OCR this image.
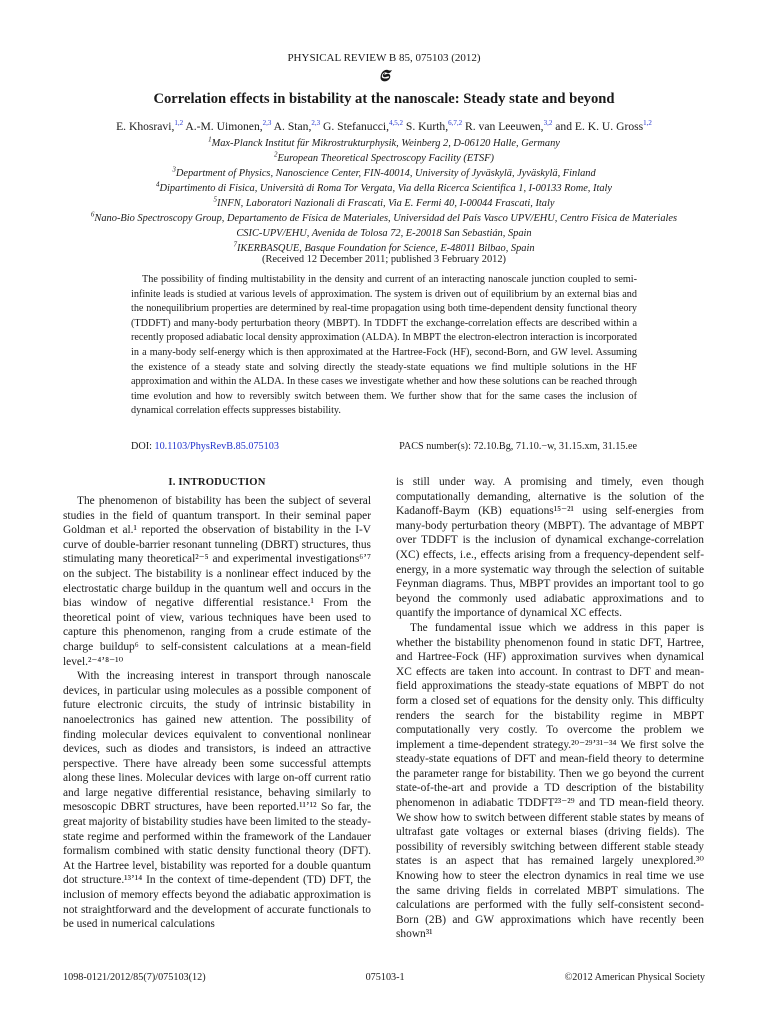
PHYSICAL REVIEW B 85, 075103 (2012)
𝕾
Correlation effects in bistability at the nanoscale: Steady state and beyond
E. Khosravi,$^{1,2}$ A.-M. Uimonen,$^{2,3}$ A. Stan,$^{2,3}$ G. Stefanucci,$^{4,5,2}$ S. Kurth,$^{6,7,2}$ R. van Leeuwen,$^{3,2}$ and E. K. U. Gross$^{1,2}$
$^1$Max-Planck Institut für Mikrostrukturphysik, Weinberg 2, D-06120 Halle, Germany
$^2$European Theoretical Spectroscopy Facility (ETSF)
$^3$Department of Physics, Nanoscience Center, FIN-40014, University of Jyväskylä, Jyväskylä, Finland
$^4$Dipartimento di Fisica, Università di Roma Tor Vergata, Via della Ricerca Scientifica 1, I-00133 Rome, Italy
$^5$INFN, Laboratori Nazionali di Frascati, Via E. Fermi 40, I-00044 Frascati, Italy
$^6$Nano-Bio Spectroscopy Group, Departamento de Física de Materiales, Universidad del País Vasco UPV/EHU, Centro Física de Materiales
CSIC-UPV/EHU, Avenida de Tolosa 72, E-20018 San Sebastián, Spain
$^7$IKERBASQUE, Basque Foundation for Science, E-48011 Bilbao, Spain
(Received 12 December 2011; published 3 February 2012)

The possibility of finding multistability in the density and current of an interacting nanoscale junction coupled to semi-infinite leads is studied at various levels of approximation. The system is driven out of equilibrium by an external bias and the nonequilibrium properties are determined by real-time propagation using both time-dependent density functional theory (TDDFT) and many-body perturbation theory (MBPT). In TDDFT the exchange-correlation effects are described within a recently proposed adiabatic local density approximation (ALDA). In MBPT the electron-electron interaction is incorporated in a many-body self-energy which is then approximated at the Hartree-Fock (HF), second-Born, and GW level. Assuming the existence of a steady state and solving directly the steady-state equations we find multiple solutions in the HF approximation and within the ALDA. In these cases we investigate whether and how these solutions can be reached through time evolution and how to reversibly switch between them. We further show that for the same cases the inclusion of dynamical correlation effects suppresses bistability.

DOI: 10.1103/PhysRevB.85.075103	PACS number(s): 72.10.Bg, 71.10.−w, 31.15.xm, 31.15.ee
I. INTRODUCTION

The phenomenon of bistability has been the subject of several studies in the field of quantum transport. In their seminal paper Goldman et al.¹ reported the observation of bistability in the I-V curve of double-barrier resonant tunneling (DBRT) structures, thus stimulating many theoretical²⁻⁵ and experimental investigations⁶ʼ⁷ on the subject. The bistability is a nonlinear effect induced by the electrostatic charge buildup in the quantum well and occurs in the bias window of negative differential resistance.¹ From the theoretical point of view, various techniques have been used to capture this phenomenon, ranging from a crude estimate of the charge buildup⁶ to self-consistent calculations at a mean-field level.²⁻⁴ʼ⁸⁻¹⁰

With the increasing interest in transport through nanoscale devices, in particular using molecules as a possible component of future electronic circuits, the study of intrinsic bistability in nanoelectronics has gained new attention. The possibility of finding molecular devices equivalent to conventional nonlinear devices, such as diodes and transistors, is indeed an attractive perspective. There have already been some successful attempts along these lines. Molecular devices with large on-off current ratio and large negative differential resistance, behaving similarly to mesoscopic DBRT structures, have been reported.¹¹ʼ¹² So far, the great majority of bistability studies have been limited to the steady-state regime and performed within the framework of the Landauer formalism combined with static density functional theory (DFT). At the Hartree level, bistability was reported for a double quantum dot structure.¹³ʼ¹⁴ In the context of time-dependent (TD) DFT, the inclusion of memory effects beyond the adiabatic approximation is not straightforward and the development of accurate functionals to be used in numerical calculations

is still under way. A promising and timely, even though computationally demanding, alternative is the solution of the Kadanoff-Baym (KB) equations¹⁵⁻²¹ using self-energies from many-body perturbation theory (MBPT). The advantage of MBPT over TDDFT is the inclusion of dynamical exchange-correlation (XC) effects, i.e., effects arising from a frequency-dependent self-energy, in a more systematic way through the selection of suitable Feynman diagrams. Thus, MBPT provides an important tool to go beyond the commonly used adiabatic approximations and to quantify the importance of dynamical XC effects.

The fundamental issue which we address in this paper is whether the bistability phenomenon found in static DFT, Hartree, and Hartree-Fock (HF) approximation survives when dynamical XC effects are taken into account. In contrast to DFT and mean-field approximations the steady-state equations of MBPT do not form a closed set of equations for the density only. This difficulty renders the search for the bistability regime in MBPT computationally very costly. To overcome the problem we implement a time-dependent strategy.²⁰⁻²⁹ʼ³¹⁻³⁴ We first solve the steady-state equations of DFT and mean-field theory to determine the parameter range for bistability. Then we go beyond the current state-of-the-art and provide a TD description of the bistability phenomenon in adiabatic TDDFT²³⁻²⁹ and TD mean-field theory. We show how to switch between different stable states by means of ultrafast gate voltages or external biases (driving fields). The possibility of reversibly switching between different stable steady states is an aspect that has remained largely unexplored.³⁰ Knowing how to steer the electron dynamics in real time we use the same driving fields in correlated MBPT simulations. The calculations are performed with the fully self-consistent second-Born (2B) and GW approximations which have recently been shown³¹

1098-0121/2012/85(7)/075103(12)	075103-1	©2012 American Physical Society
